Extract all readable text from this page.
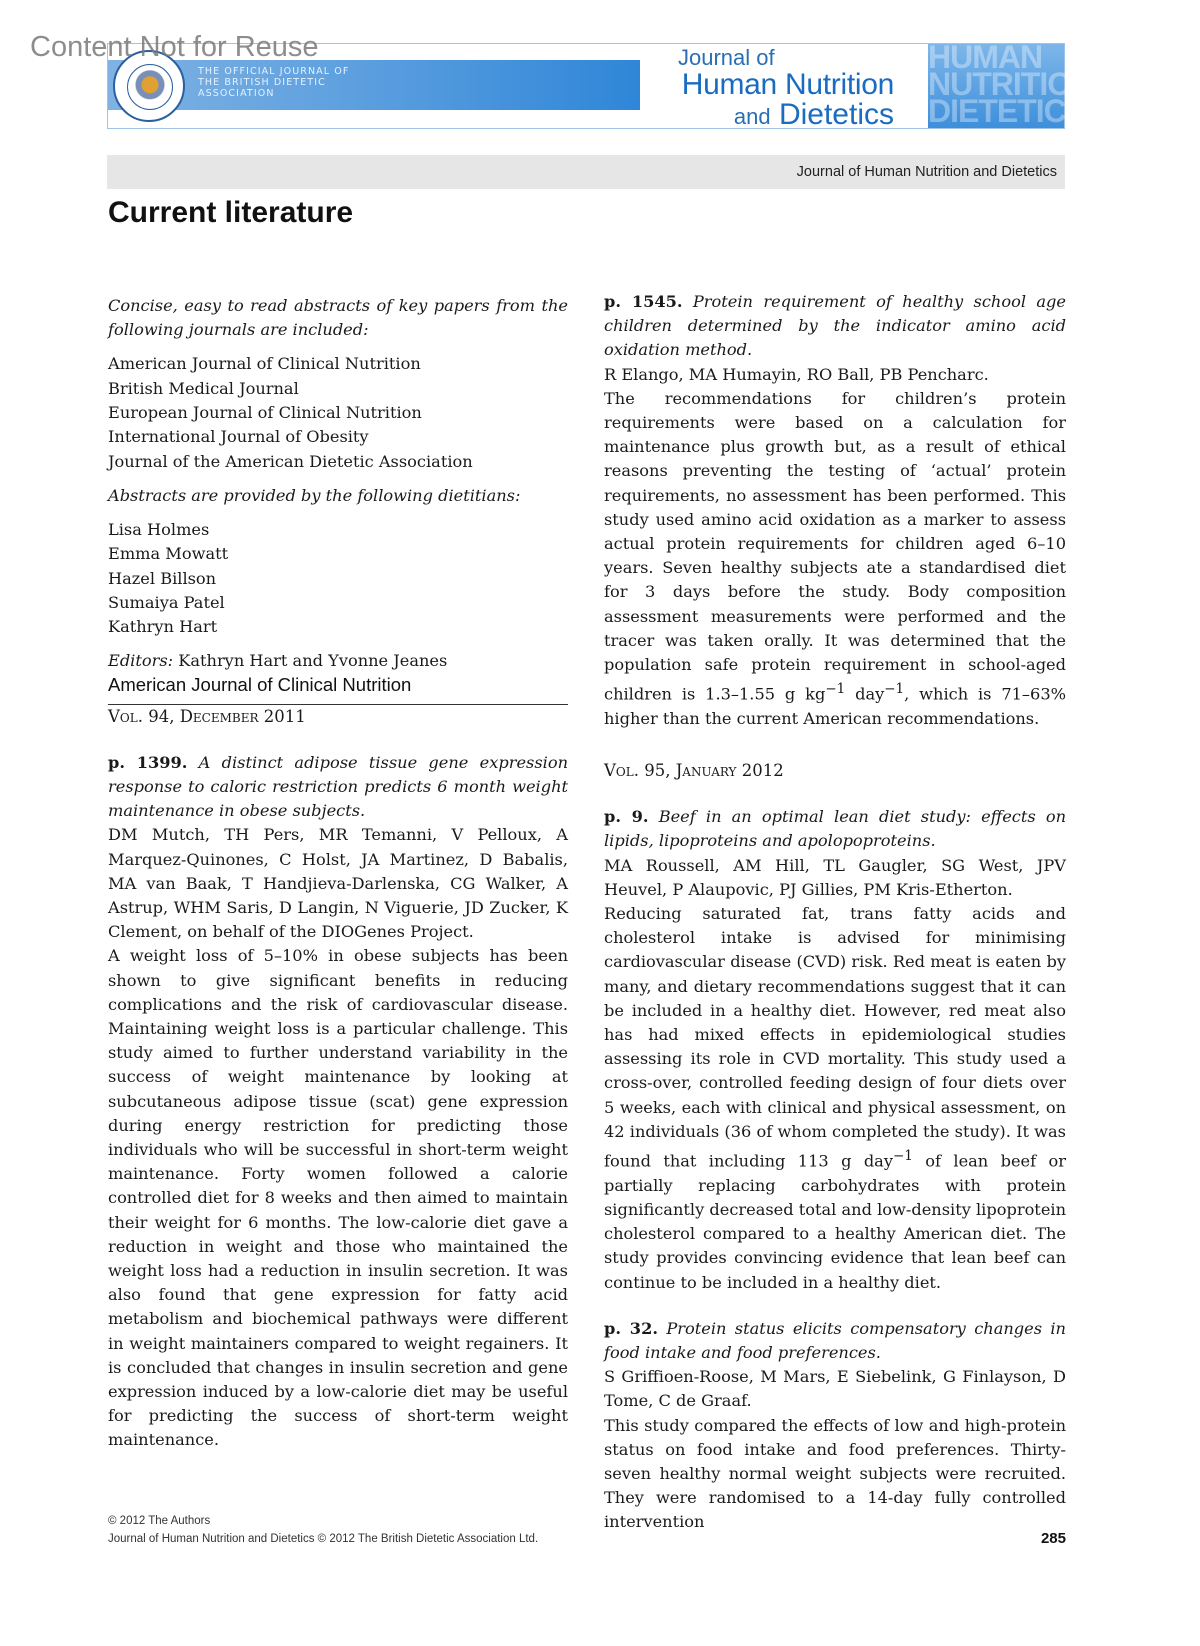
Content Not for Reuse
THE OFFICIAL JOURNAL OF
THE BRITISH DIETETIC
ASSOCIATION
Journal of
Human Nutrition
and Dietetics
HUMAN
NUTRITION
DIETETICS
Journal of Human Nutrition and Dietetics
Current literature

Concise, easy to read abstracts of key papers from the following journals are included:

American Journal of Clinical Nutrition
British Medical Journal
European Journal of Clinical Nutrition
International Journal of Obesity
Journal of the American Dietetic Association

Abstracts are provided by the following dietitians:

Lisa Holmes
Emma Mowatt
Hazel Billson
Sumaiya Patel
Kathryn Hart

Editors: Kathryn Hart and Yvonne Jeanes

American Journal of Clinical Nutrition
Vol. 94, December 2011

p. 1399. A distinct adipose tissue gene expression response to caloric restriction predicts 6 month weight maintenance in obese subjects.

DM Mutch, TH Pers, MR Temanni, V Pelloux, A Marquez-Quinones, C Holst, JA Martinez, D Babalis, MA van Baak, T Handjieva-Darlenska, CG Walker, A Astrup, WHM Saris, D Langin, N Viguerie, JD Zucker, K Clement, on behalf of the DIOGenes Project.

A weight loss of 5–10% in obese subjects has been shown to give significant benefits in reducing complications and the risk of cardiovascular disease. Maintaining weight loss is a particular challenge. This study aimed to further understand variability in the success of weight maintenance by looking at subcutaneous adipose tissue (scat) gene expression during energy restriction for predicting those individuals who will be successful in short-term weight maintenance. Forty women followed a calorie controlled diet for 8 weeks and then aimed to maintain their weight for 6 months. The low-calorie diet gave a reduction in weight and those who maintained the weight loss had a reduction in insulin secretion. It was also found that gene expression for fatty acid metabolism and biochemical pathways were different in weight maintainers compared to weight regainers. It is concluded that changes in insulin secretion and gene expression induced by a low-calorie diet may be useful for predicting the success of short-term weight maintenance.

p. 1545. Protein requirement of healthy school age children determined by the indicator amino acid oxidation method.

R Elango, MA Humayin, RO Ball, PB Pencharc.

The recommendations for children’s protein requirements were based on a calculation for maintenance plus growth but, as a result of ethical reasons preventing the testing of ‘actual’ protein requirements, no assessment has been performed. This study used amino acid oxidation as a marker to assess actual protein requirements for children aged 6–10 years. Seven healthy subjects ate a standardised diet for 3 days before the study. Body composition assessment measurements were performed and the tracer was taken orally. It was determined that the population safe protein requirement in school-aged children is 1.3–1.55 g $kg^{-1}$ day$^{-1}$, which is 71–63% higher than the current American recommendations.

Vol. 95, January 2012

p. 9. Beef in an optimal lean diet study: effects on lipids, lipoproteins and apolopoproteins.

MA Roussell, AM Hill, TL Gaugler, SG West, JPV Heuvel, P Alaupovic, PJ Gillies, PM Kris-Etherton.

Reducing saturated fat, trans fatty acids and cholesterol intake is advised for minimising cardiovascular disease (CVD) risk. Red meat is eaten by many, and dietary recommendations suggest that it can be included in a healthy diet. However, red meat also has had mixed effects in epidemiological studies assessing its role in CVD mortality. This study used a cross-over, controlled feeding design of four diets over 5 weeks, each with clinical and physical assessment, on 42 individuals (36 of whom completed the study). It was found that including 113 g day$^{-1}$ of lean beef or partially replacing carbohydrates with protein significantly decreased total and low-density lipoprotein cholesterol compared to a healthy American diet. The study provides convincing evidence that lean beef can continue to be included in a healthy diet.

p. 32. Protein status elicits compensatory changes in food intake and food preferences.

S Griffioen-Roose, M Mars, E Siebelink, G Finlayson, D Tome, C de Graaf.

This study compared the effects of low and high-protein status on food intake and food preferences. Thirty-seven healthy normal weight subjects were recruited. They were randomised to a 14-day fully controlled intervention

© 2012 The Authors
Journal of Human Nutrition and Dietetics © 2012 The British Dietetic Association Ltd.	285
